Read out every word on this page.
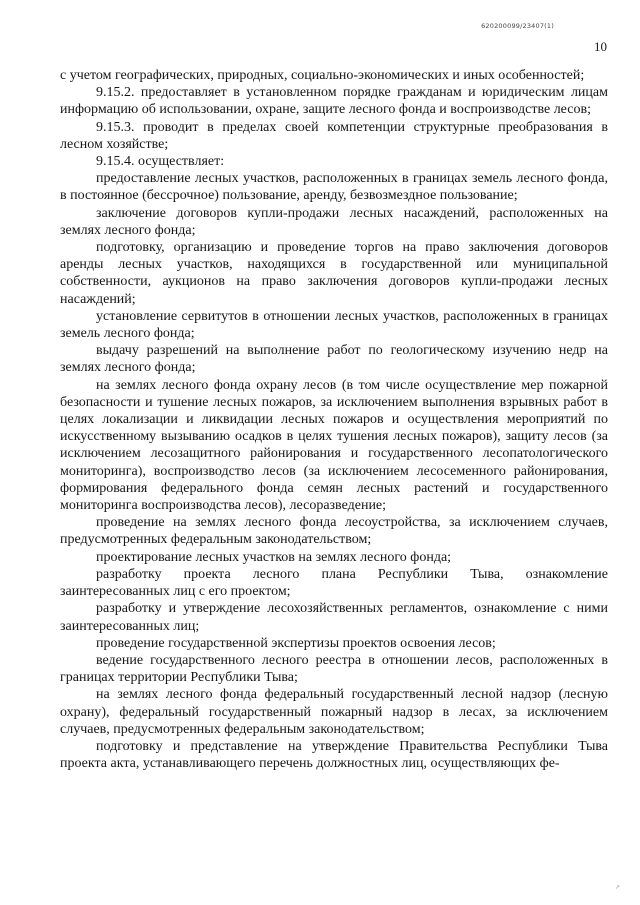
620200099/23407(1)
10

с учетом географических, природных, социально-экономических и иных особенностей;

9.15.2. предоставляет в установленном порядке гражданам и юридическим лицам информацию об использовании, охране, защите лесного фонда и воспроизводстве лесов;

9.15.3. проводит в пределах своей компетенции структурные преобразования в лесном хозяйстве;

9.15.4. осуществляет:

предоставление лесных участков, расположенных в границах земель лесного фонда, в постоянное (бессрочное) пользование, аренду, безвозмездное пользование;

заключение договоров купли-продажи лесных насаждений, расположенных на землях лесного фонда;

подготовку, организацию и проведение торгов на право заключения договоров аренды лесных участков, находящихся в государственной или муниципальной собственности, аукционов на право заключения договоров купли-продажи лесных насаждений;

установление сервитутов в отношении лесных участков, расположенных в границах земель лесного фонда;

выдачу разрешений на выполнение работ по геологическому изучению недр на землях лесного фонда;

на землях лесного фонда охрану лесов (в том числе осуществление мер пожарной безопасности и тушение лесных пожаров, за исключением выполнения взрывных работ в целях локализации и ликвидации лесных пожаров и осуществления мероприятий по искусственному вызыванию осадков в целях тушения лесных пожаров), защиту лесов (за исключением лесозащитного районирования и государственного лесопатологического мониторинга), воспроизводство лесов (за исключением лесосеменного районирования, формирования федерального фонда семян лесных растений и государственного мониторинга воспроизводства лесов), лесоразведение;

проведение на землях лесного фонда лесоустройства, за исключением случаев, предусмотренных федеральным законодательством;

проектирование лесных участков на землях лесного фонда;

разработку проекта лесного плана Республики Тыва, ознакомление заинтересованных лиц с его проектом;

разработку и утверждение лесохозяйственных регламентов, ознакомление с ними заинтересованных лиц;

проведение государственной экспертизы проектов освоения лесов;

ведение государственного лесного реестра в отношении лесов, расположенных в границах территории Республики Тыва;

на землях лесного фонда федеральный государственный лесной надзор (лесную охрану), федеральный государственный пожарный надзор в лесах, за исключением случаев, предусмотренных федеральным законодательством;

подготовку и представление на утверждение Правительства Республики Тыва проекта акта, устанавливающего перечень должностных лиц, осуществляющих фе-

↗
